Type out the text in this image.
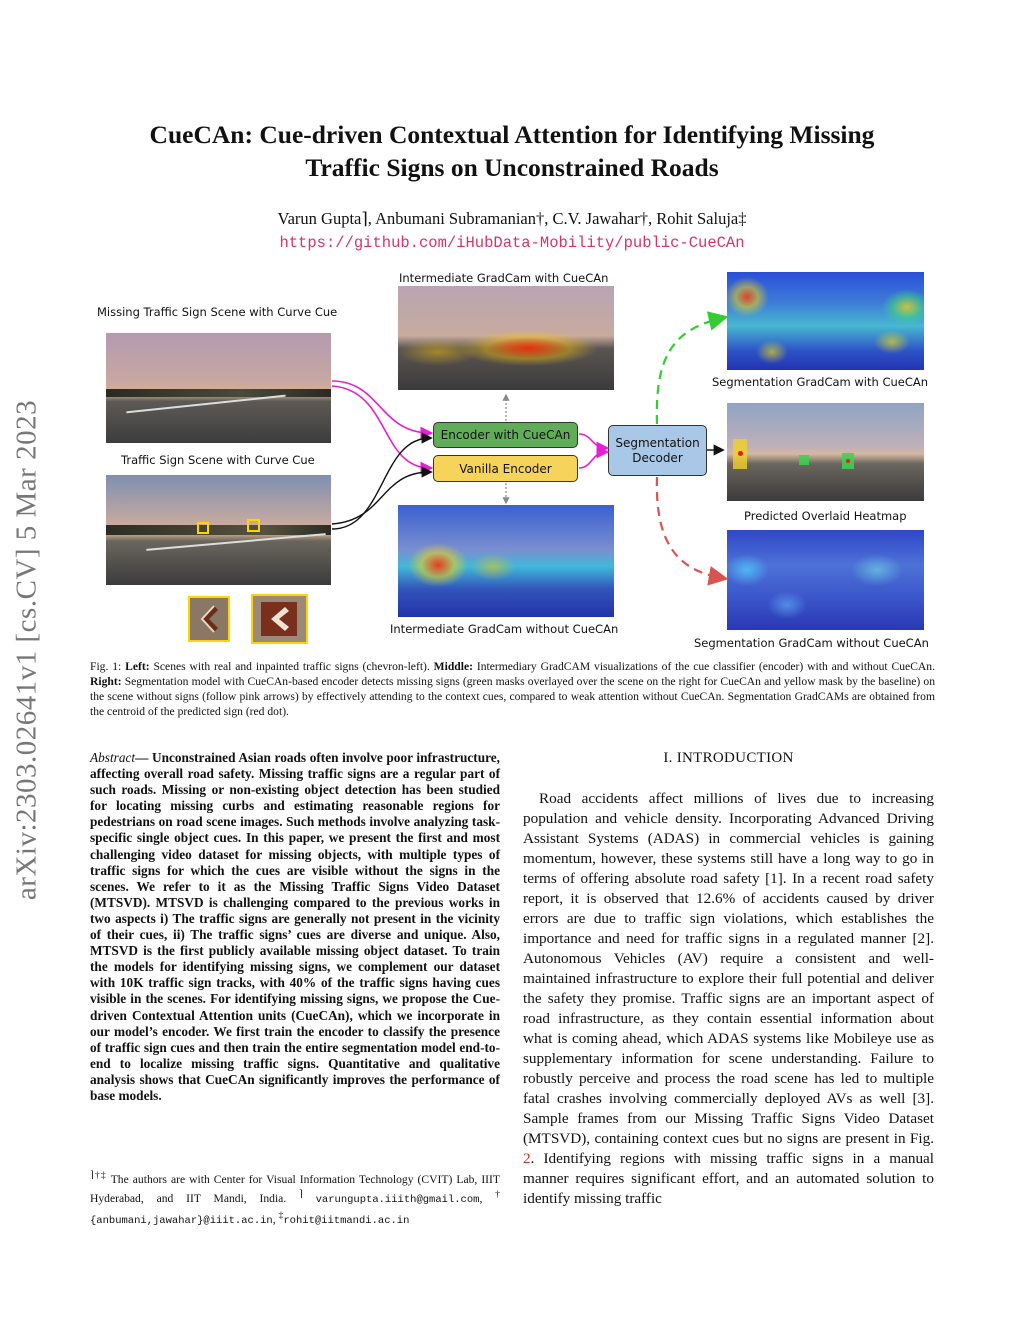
arXiv:2303.02641v1 [cs.CV] 5 Mar 2023
CueCAn: Cue-driven Contextual Attention for Identifying Missing
Traffic Signs on Unconstrained Roads
Varun Gupta⌉, Anbumani Subramanian†, C.V. Jawahar†, Rohit Saluja‡
https://github.com/iHubData-Mobility/public-CueCAn
Missing Traffic Sign Scene with Curve Cue
Traffic Sign Scene with Curve Cue
Intermediate GradCam with CueCAn
Intermediate GradCam without CueCAn
Segmentation GradCam with CueCAn
Predicted Overlaid Heatmap
Segmentation GradCam without CueCAn
Encoder with CueCAn
Vanilla Encoder
Segmentation
Decoder
Fig. 1: Left: Scenes with real and inpainted traffic signs (chevron-left). Middle: Intermediary GradCAM visualizations of the cue classifier (encoder) with and without CueCAn. Right: Segmentation model with CueCAn-based encoder detects missing signs (green masks overlayed over the scene on the right for CueCAn and yellow mask by the baseline) on the scene without signs (follow pink arrows) by effectively attending to the context cues, compared to weak attention without CueCAn. Segmentation GradCAMs are obtained from the centroid of the predicted sign (red dot).
Abstract— Unconstrained Asian roads often involve poor infrastructure, affecting overall road safety. Missing traffic signs are a regular part of such roads. Missing or non-existing object detection has been studied for locating missing curbs and estimating reasonable regions for pedestrians on road scene images. Such methods involve analyzing task-specific single object cues. In this paper, we present the first and most challenging video dataset for missing objects, with multiple types of traffic signs for which the cues are visible without the signs in the scenes. We refer to it as the Missing Traffic Signs Video Dataset (MTSVD). MTSVD is challenging compared to the previous works in two aspects i) The traffic signs are generally not present in the vicinity of their cues, ii) The traffic signs’ cues are diverse and unique. Also, MTSVD is the first publicly available missing object dataset. To train the models for identifying missing signs, we complement our dataset with 10K traffic sign tracks, with 40% of the traffic signs having cues visible in the scenes. For identifying missing signs, we propose the Cue-driven Contextual Attention units (CueCAn), which we incorporate in our model’s encoder. We first train the encoder to classify the presence of traffic sign cues and then train the entire segmentation model end-to-end to localize missing traffic signs. Quantitative and qualitative analysis shows that CueCAn significantly improves the performance of base models.
⌉†‡ The authors are with Center for Visual Information Technology (CVIT) Lab, IIIT Hyderabad, and IIT Mandi, India. ⌉ varungupta.iiith@gmail.com, † {anbumani,jawahar}@iiit.ac.in, ‡rohit@iitmandi.ac.in
I. INTRODUCTION
Road accidents affect millions of lives due to increasing population and vehicle density. Incorporating Advanced Driving Assistant Systems (ADAS) in commercial vehicles is gaining momentum, however, these systems still have a long way to go in terms of offering absolute road safety [1]. In a recent road safety report, it is observed that 12.6% of accidents caused by driver errors are due to traffic sign violations, which establishes the importance and need for traffic signs in a regulated manner [2]. Autonomous Vehicles (AV) require a consistent and well-maintained infrastructure to explore their full potential and deliver the safety they promise. Traffic signs are an important aspect of road infrastructure, as they contain essential information about what is coming ahead, which ADAS systems like Mobileye use as supplementary information for scene understanding. Failure to robustly perceive and process the road scene has led to multiple fatal crashes involving commercially deployed AVs as well [3]. Sample frames from our Missing Traffic Signs Video Dataset (MTSVD), containing context cues but no signs are present in Fig. 2. Identifying regions with missing traffic signs in a manual manner requires significant effort, and an automated solution to identify missing traffic
